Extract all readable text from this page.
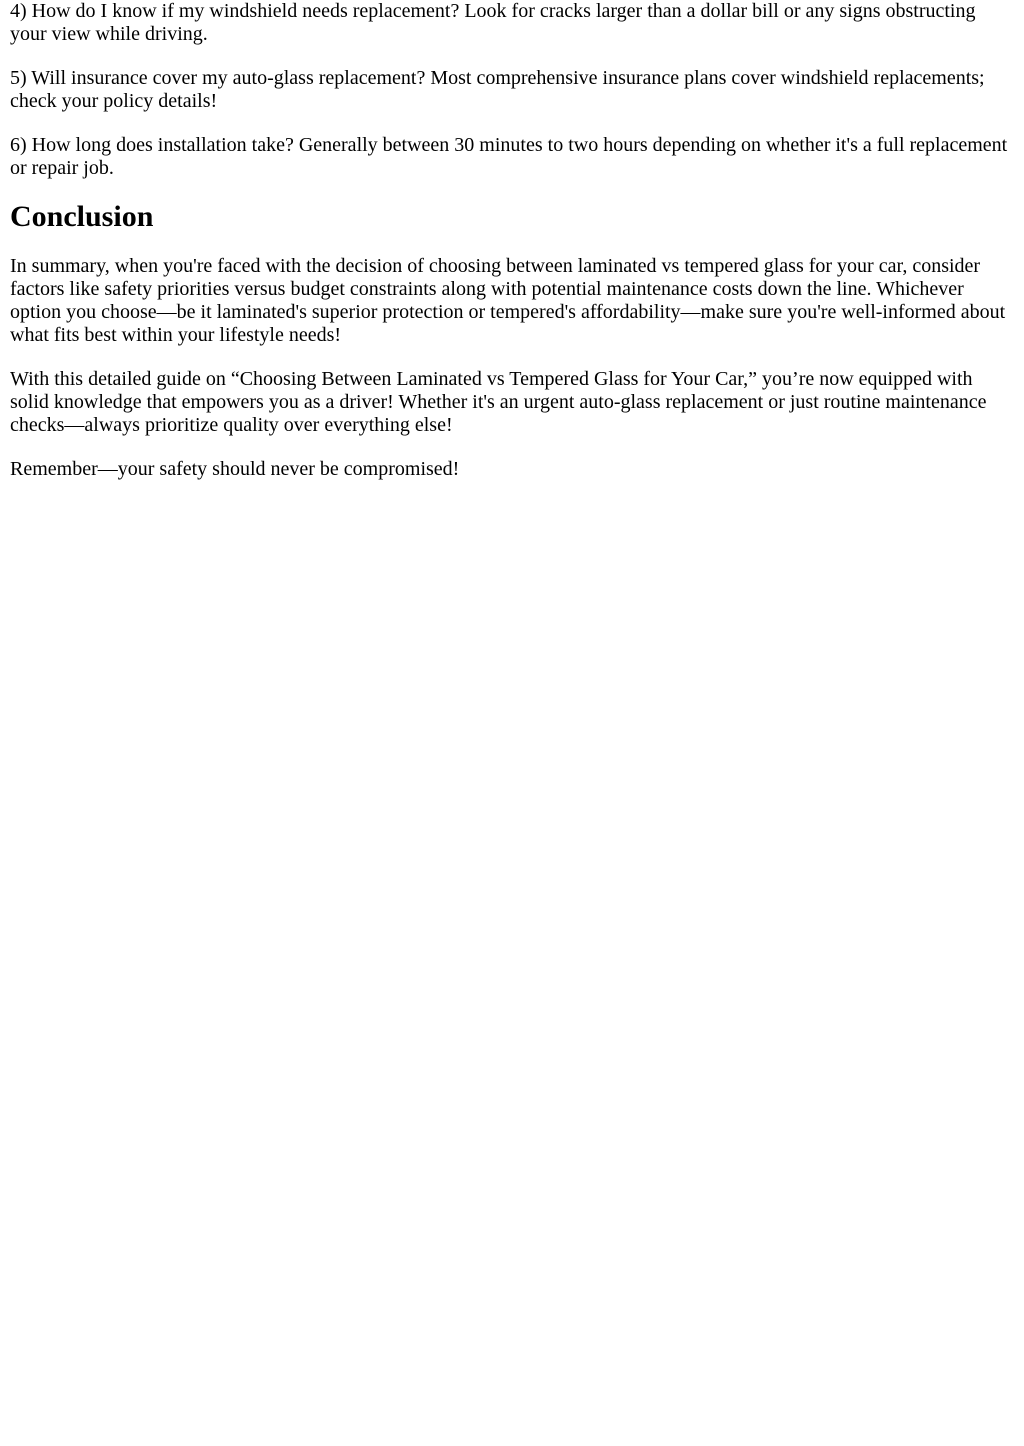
4) How do I know if my windshield needs replacement? Look for cracks larger than a dollar bill or any signs obstructing your view while driving.

5) Will insurance cover my auto-glass replacement? Most comprehensive insurance plans cover windshield replacements; check your policy details!

6) How long does installation take? Generally between 30 minutes to two hours depending on whether it's a full replacement or repair job.

Conclusion

In summary, when you're faced with the decision of choosing between laminated vs tempered glass for your car, consider factors like safety priorities versus budget constraints along with potential maintenance costs down the line. Whichever option you choose—be it laminated's superior protection or tempered's affordability—make sure you're well-informed about what fits best within your lifestyle needs!

With this detailed guide on “Choosing Between Laminated vs Tempered Glass for Your Car,” you’re now equipped with solid knowledge that empowers you as a driver! Whether it's an urgent auto-glass replacement or just routine maintenance checks—always prioritize quality over everything else!

Remember—your safety should never be compromised!
